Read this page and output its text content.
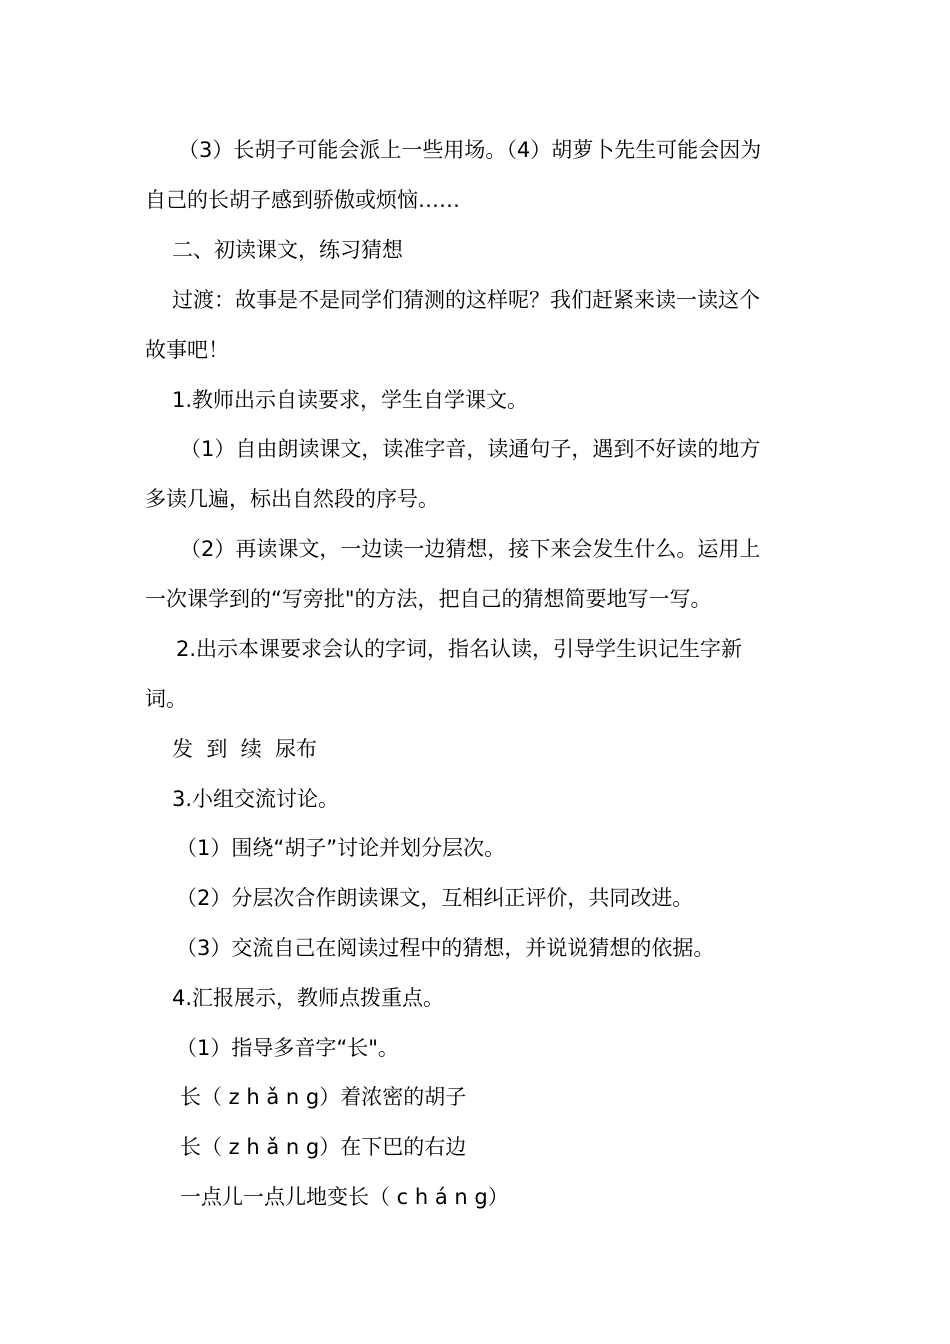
（3）长胡子可能会派上一些用场。（4）胡萝卜先生可能会因为
自己的长胡子感到骄傲或烦恼……
二、初读课文，练习猜想
过渡：故事是不是同学们猜测的这样呢？我们赶紧来读一读这个
故事吧！
1.教师出示自读要求，学生自学课文。
（1）自由朗读课文，读准字音，读通句子，遇到不好读的地方
多读几遍，标出自然段的序号。
（2）再读课文，一边读一边猜想，接下来会发生什么。运用上
一次课学到的“写旁批"的方法，把自己的猜想简要地写一写。
2.出示本课要求会认的字词，指名认读，引导学生识记生字新
词。
发  到  续  尿布
3.小组交流讨论。
（1）围绕“胡子”讨论并划分层次。
（2）分层次合作朗读课文，互相纠正评价，共同改进。
（3）交流自己在阅读过程中的猜想，并说说猜想的依据。
4.汇报展示，教师点拨重点。
（1）指导多音字“长"。
长（ z h ǎ n g）着浓密的胡子
长（ z h ǎ n g）在下巴的右边
一点儿一点儿地变长（ c h á n g）
